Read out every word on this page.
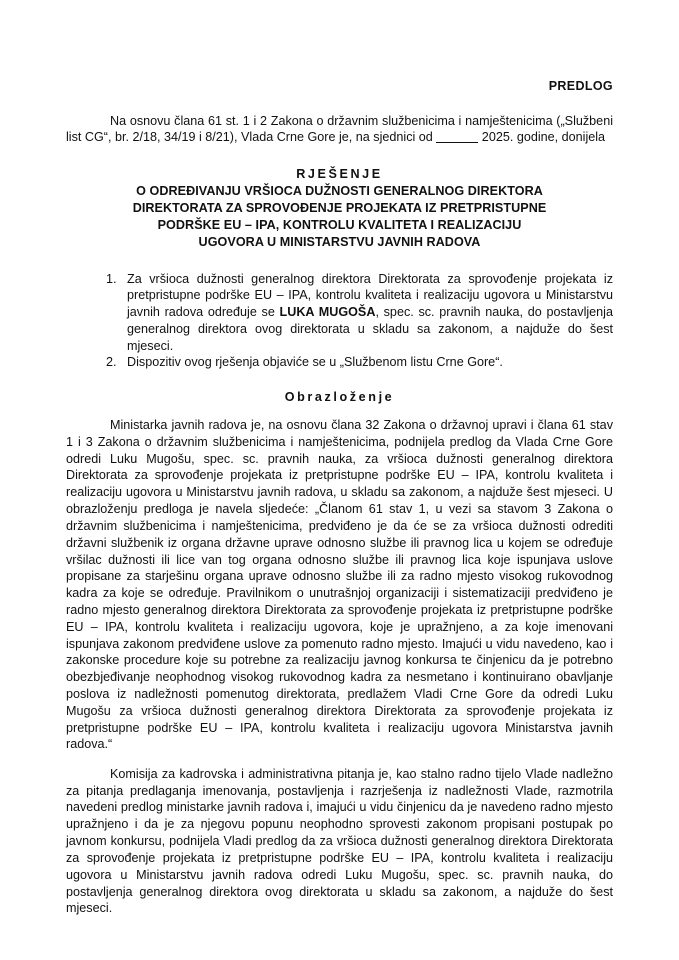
PREDLOG

Na osnovu člana 61 st. 1 i 2 Zakona o državnim službenicima i namještenicima („Službeni list CG“, br. 2/18, 34/19 i 8/21), Vlada Crne Gore je, na sjednici od	2025. godine, donijela

RJEŠENJE
O ODREĐIVANJU VRŠIOCA DUŽNOSTI GENERALNOG DIREKTORA
DIREKTORATA ZA SPROVOĐENJE PROJEKATA IZ PRETPRISTUPNE
PODRŠKE EU – IPA, KONTROLU KVALITETA I REALIZACIJU
UGOVORA U MINISTARSTVU JAVNIH RADOVA
1. Za vršioca dužnosti generalnog direktora Direktorata za sprovođenje projekata iz pretpristupne podrške EU – IPA, kontrolu kvaliteta i realizaciju ugovora u Ministarstvu javnih radova određuje se LUKA MUGOŠA, spec. sc. pravnih nauka, do postavljenja generalnog direktora ovog direktorata u skladu sa zakonom, a najduže do šest mjeseci.
2. Dispozitiv ovog rješenja objaviće se u „Službenom listu Crne Gore“.
Obrazloženje

Ministarka javnih radova je, na osnovu člana 32 Zakona o državnoj upravi i člana 61 stav 1 i 3 Zakona o državnim službenicima i namještenicima, podnijela predlog da Vlada Crne Gore odredi Luku Mugošu, spec. sc. pravnih nauka, za vršioca dužnosti generalnog direktora Direktorata za sprovođenje projekata iz pretpristupne podrške EU – IPA, kontrolu kvaliteta i realizaciju ugovora u Ministarstvu javnih radova, u skladu sa zakonom, a najduže šest mjeseci. U obrazloženju predloga je navela sljedeće: „Članom 61 stav 1, u vezi sa stavom 3 Zakona o državnim službenicima i namještenicima, predviđeno je da će se za vršioca dužnosti odrediti državni službenik iz organa državne uprave odnosno službe ili pravnog lica u kojem se određuje vršilac dužnosti ili lice van tog organa odnosno službe ili pravnog lica koje ispunjava uslove propisane za starješinu organa uprave odnosno službe ili za radno mjesto visokog rukovodnog kadra za koje se određuje. Pravilnikom o unutrašnjoj organizaciji i sistematizaciji predviđeno je radno mjesto generalnog direktora Direktorata za sprovođenje projekata iz pretpristupne podrške EU – IPA, kontrolu kvaliteta i realizaciju ugovora, koje je upražnjeno, a za koje imenovani ispunjava zakonom predviđene uslove za pomenuto radno mjesto. Imajući u vidu navedeno, kao i zakonske procedure koje su potrebne za realizaciju javnog konkursa te činjenicu da je potrebno obezbjeđivanje neophodnog visokog rukovodnog kadra za nesmetano i kontinuirano obavljanje poslova iz nadležnosti pomenutog direktorata, predlažem Vladi Crne Gore da odredi Luku Mugošu za vršioca dužnosti generalnog direktora Direktorata za sprovođenje projekata iz pretpristupne podrške EU – IPA, kontrolu kvaliteta i realizaciju ugovora Ministarstva javnih radova.“

Komisija za kadrovska i administrativna pitanja je, kao stalno radno tijelo Vlade nadležno za pitanja predlaganja imenovanja, postavljenja i razrješenja iz nadležnosti Vlade, razmotrila navedeni predlog ministarke javnih radova i, imajući u vidu činjenicu da je navedeno radno mjesto upražnjeno i da je za njegovu popunu neophodno sprovesti zakonom propisani postupak po javnom konkursu, podnijela Vladi predlog da za vršioca dužnosti generalnog direktora Direktorata za sprovođenje projekata iz pretpristupne podrške EU – IPA, kontrolu kvaliteta i realizaciju ugovora u Ministarstvu javnih radova odredi Luku Mugošu, spec. sc. pravnih nauka, do postavljenja generalnog direktora ovog direktorata u skladu sa zakonom, a najduže do šest mjeseci.
